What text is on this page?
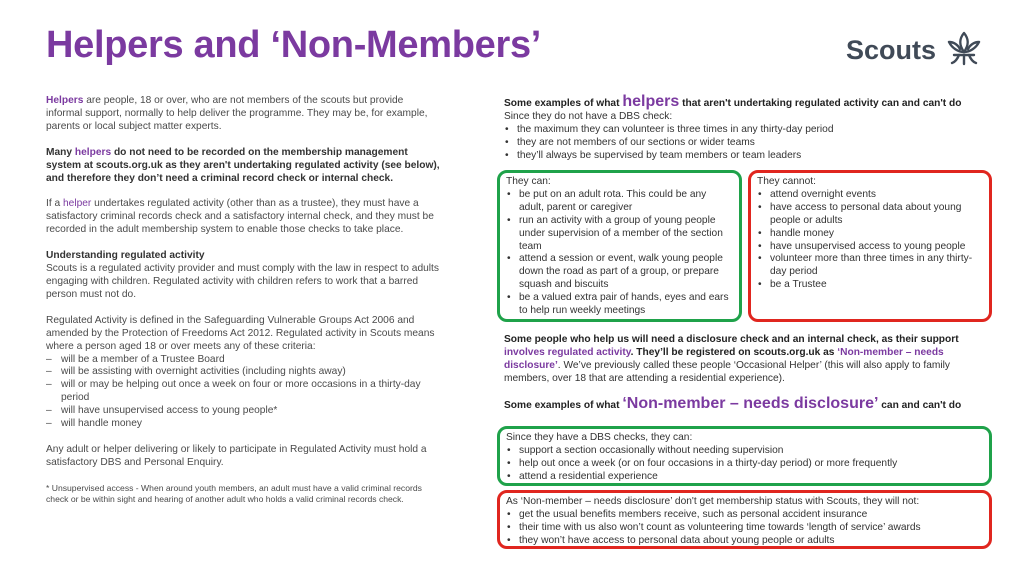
Helpers and ‘Non-Members’	Scouts

Helpers are people, 18 or over, who are not members of the scouts but provide informal support, normally to help deliver the programme. They may be, for example, parents or local subject matter experts.

Many helpers do not need to be recorded on the membership management system at scouts.org.uk as they aren't undertaking regulated activity (see below), and therefore they don’t need a criminal record check or internal check.

If a helper undertakes regulated activity (other than as a trustee), they must have a satisfactory criminal records check and a satisfactory internal check, and they must be recorded in the adult membership system to enable those checks to take place.

Understanding regulated activity

Scouts is a regulated activity provider and must comply with the law in respect to adults engaging with children. Regulated activity with children refers to work that a barred person must not do.

Regulated Activity is defined in the Safeguarding Vulnerable Groups Act 2006 and amended by the Protection of Freedoms Act 2012. Regulated activity in Scouts means where a person aged 18 or over meets any of these criteria:

– will be a member of a Trustee Board
– will be assisting with overnight activities (including nights away)
– will or may be helping out once a week on four or more occasions in a thirty-day period
– will have unsupervised access to young people*
– will handle money

Any adult or helper delivering or likely to participate in Regulated Activity must hold a satisfactory DBS and Personal Enquiry.

* Unsupervised access - When around youth members, an adult must have a valid criminal records check or be within sight and hearing of another adult who holds a valid criminal records check.

Some examples of what helpers that aren't undertaking regulated activity can and can't do

Since they do not have a DBS check:

• the maximum they can volunteer is three times in any thirty-day period
• they are not members of our sections or wider teams
• they’ll always be supervised by team members or team leaders
They can:
• be put on an adult rota. This could be any adult, parent or caregiver
• run an activity with a group of young people under supervision of a member of the section team
• attend a session or event, walk young people down the road as part of a group, or prepare squash and biscuits
• be a valued extra pair of hands, eyes and ears to help run weekly meetings
They cannot:
• attend overnight events
• have access to personal data about young people or adults
• handle money
• have unsupervised access to young people
• volunteer more than three times in any thirty-day period
• be a Trustee

Some people who help us will need a disclosure check and an internal check, as their support involves regulated activity. They’ll be registered on scouts.org.uk as ‘Non-member – needs disclosure’. We’ve previously called these people ‘Occasional Helper’ (this will also apply to family members, over 18 that are attending a residential experience).

Some examples of what ‘Non-member – needs disclosure’ can and can't do

Since they have a DBS checks, they can:
• support a section occasionally without needing supervision
• help out once a week (or on four occasions in a thirty-day period) or more frequently
• attend a residential experience
As ‘Non-member – needs disclosure’ don't get membership status with Scouts, they will not:
• get the usual benefits members receive, such as personal accident insurance
• their time with us also won’t count as volunteering time towards ‘length of service’ awards
• they won’t have access to personal data about young people or adults
